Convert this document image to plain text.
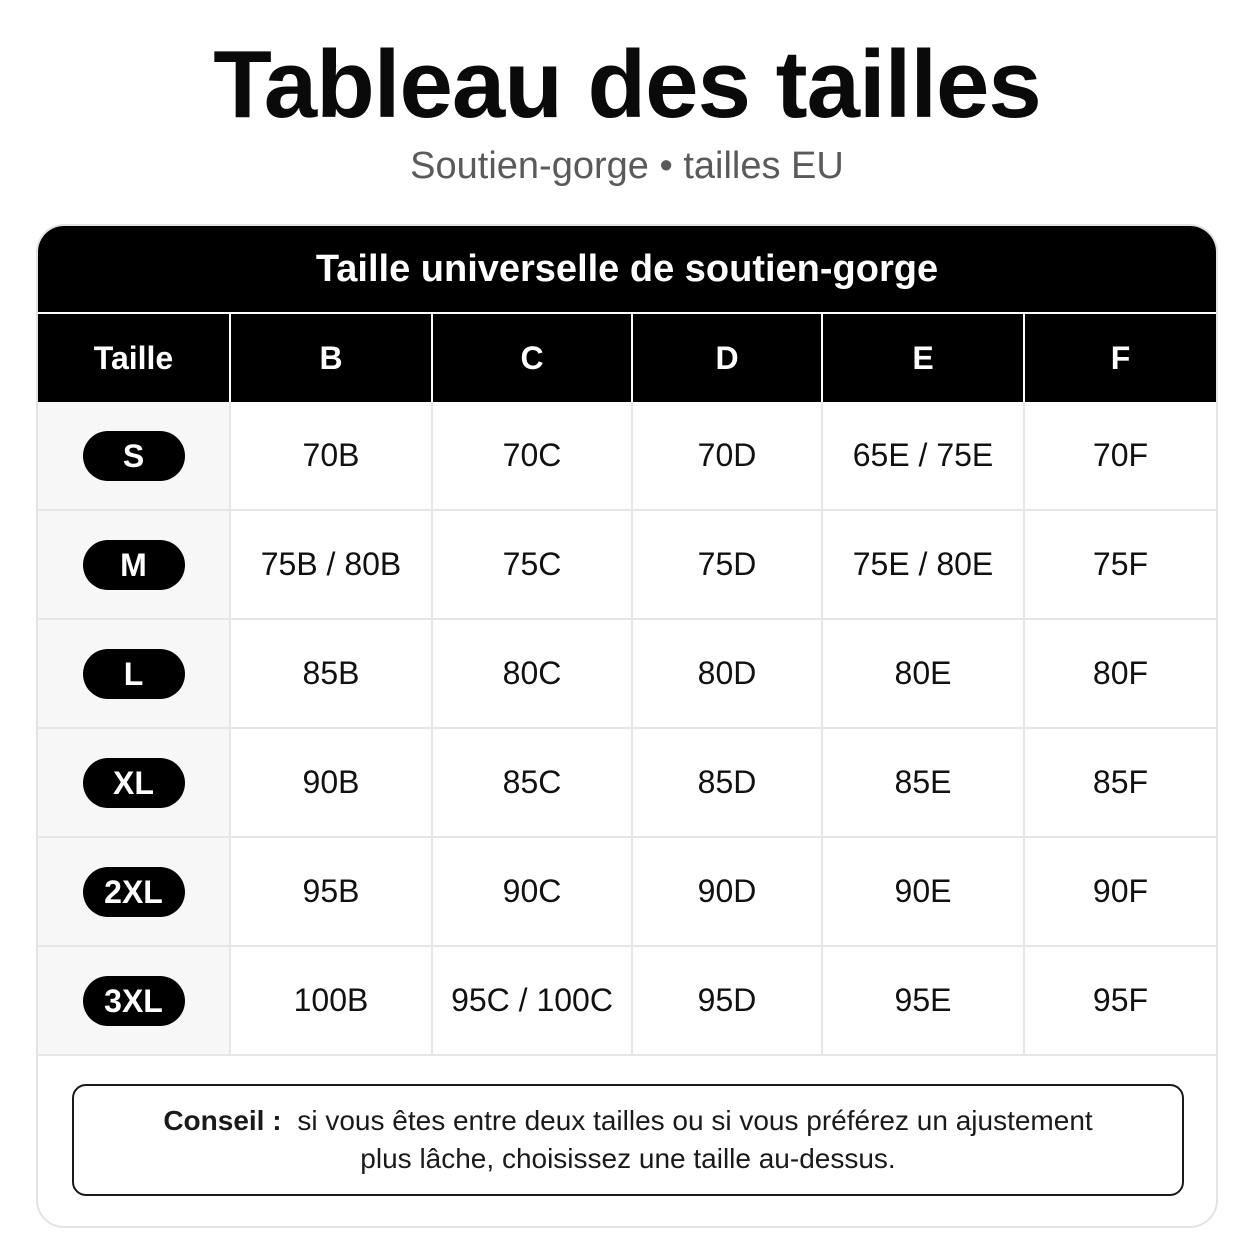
Tableau des tailles
Soutien-gorge • tailles EU
Taille universelle de soutien-gorge
Taille	B	C	D	E	F
S	70B	70C	70D	65E / 75E	70F
M	75B / 80B	75C	75D	75E / 80E	75F
L	85B	80C	80D	80E	80F
XL	90B	85C	85D	85E	85F
2XL	95B	90C	90D	90E	90F
3XL	100B	95C / 100C	95D	95E	95F
Conseil : si vous êtes entre deux tailles ou si vous préférez un ajustement
plus lâche, choisissez une taille au-dessus.
